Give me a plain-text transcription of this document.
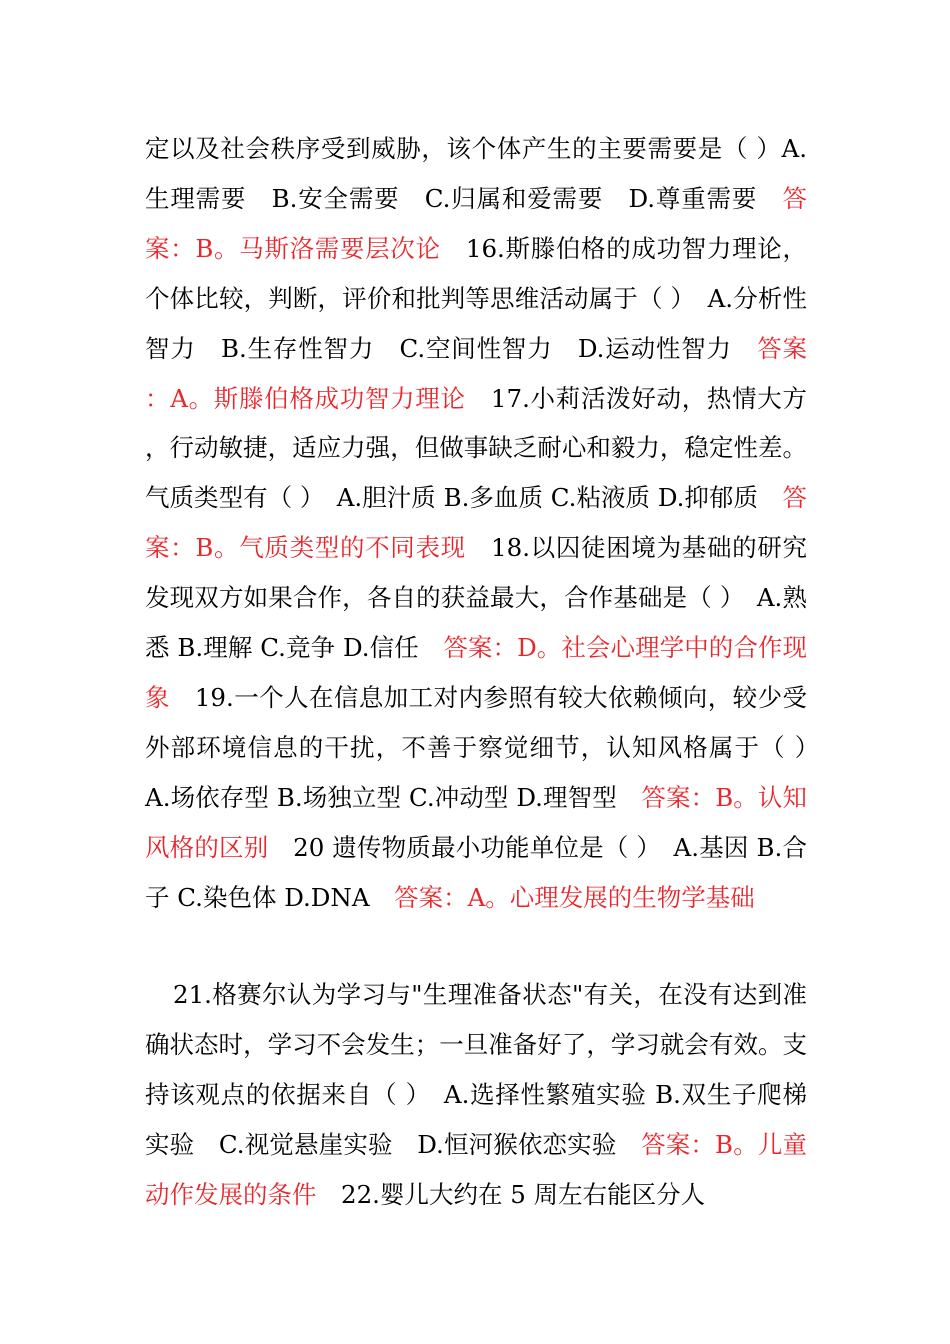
定以及社会秩序受到威胁，该个体产生的主要需要是（ ）A.生理需要　B.安全需要　C.归属和爱需要　D.尊重需要　答案：B。马斯洛需要层次论　16.斯滕伯格的成功智力理论，个体比较，判断，评价和批判等思维活动属于（ ）　A.分析性智力　B.生存性智力　C.空间性智力　D.运动性智力　答案：A。斯滕伯格成功智力理论　17.小莉活泼好动，热情大方，行动敏捷，适应力强，但做事缺乏耐心和毅力，稳定性差。气质类型有（ ）　A.胆汁质 B.多血质 C.粘液质 D.抑郁质　答案：B。气质类型的不同表现　18.以囚徒困境为基础的研究发现双方如果合作，各自的获益最大，合作基础是（ ）　A.熟悉 B.理解 C.竞争 D.信任　答案：D。社会心理学中的合作现象　19.一个人在信息加工对内参照有较大依赖倾向，较少受外部环境信息的干扰，不善于察觉细节，认知风格属于（ ）　A.场依存型 B.场独立型 C.冲动型 D.理智型　答案：B。认知风格的区别　20 遗传物质最小功能单位是（ ）　A.基因 B.合子 C.染色体 D.DNA　答案：A。心理发展的生物学基础

21.格赛尔认为学习与"生理准备状态"有关，在没有达到准确状态时，学习不会发生；一旦准备好了，学习就会有效。支持该观点的依据来自（ ）　A.选择性繁殖实验 B.双生子爬梯实验　C.视觉悬崖实验　D.恒河猴依恋实验　答案：B。儿童动作发展的条件　22.婴儿大约在 5 周左右能区分人
